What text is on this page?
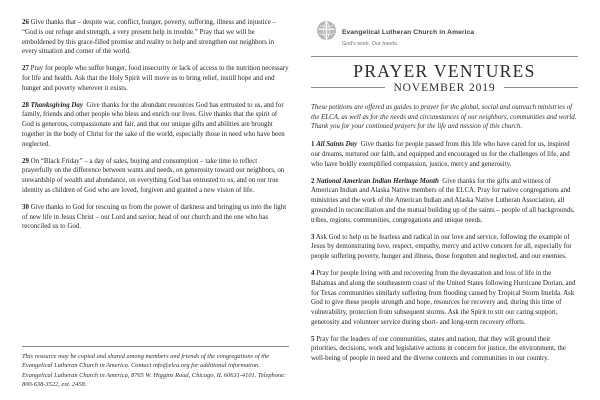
26 Give thanks that – despite war, conflict, hunger, poverty, suffering, illness and injustice – “God is our refuge and strength, a very present help in trouble.” Pray that we will be emboldened by this grace-filled promise and reality to help and strengthen our neighbors in every situation and corner of the world.

27 Pray for people who suffer hunger, food insecurity or lack of access to the nutrition necessary for life and health. Ask that the Holy Spirit will move us to bring relief, instill hope and end hunger and poverty wherever it exists.

28 Thanksgiving Day  Give thanks for the abundant resources God has entrusted to us, and for family, friends and other people who bless and enrich our lives. Give thanks that the spirit of God is generous, compassionate and fair, and that our unique gifts and abilities are brought together in the body of Christ for the sake of the world, especially those in need who have been neglected.

29 On “Black Friday” – a day of sales, buying and consumption – take time to reflect prayerfully on the difference between wants and needs, on generosity toward our neighbors, on stewardship of wealth and abundance, on everything God has entrusted to us, and on our true identity as children of God who are loved, forgiven and granted a new vision of life.

30 Give thanks to God for rescuing us from the power of darkness and bringing us into the light of new life in Jesus Christ – our Lord and savior, head of our church and the one who has reconciled us to God.

This resource may be copied and shared among members and friends of the congregations of the Evangelical Lutheran Church in America. Contact info@elca.org for additional information. Evangelical Lutheran Church in America, 8765 W. Higgins Road, Chicago, IL 60631-4101. Telephone: 800-638-3522, ext. 2458.

Evangelical Lutheran Church in America
God's work. Our hands.
PRAYER VENTURES
NOVEMBER 2019

These petitions are offered as guides to prayer for the global, social and outreach ministries of the ELCA, as well as for the needs and circumstances of our neighbors, communities and world. Thank you for your continued prayers for the life and mission of this church.

1 All Saints Day  Give thanks for people passed from this life who have cared for us, inspired our dreams, nurtured our faith, and equipped and encouraged us for the challenges of life, and who have boldly exemplified compassion, justice, mercy and generosity.

2 National American Indian Heritage Month  Give thanks for the gifts and witness of American Indian and Alaska Native members of the ELCA. Pray for native congregations and ministries and the work of the American Indian and Alaska Native Lutheran Association, all grounded in reconciliation and the mutual building up of the saints – people of all backgrounds, tribes, regions, communities, congregations and unique needs.

3 Ask God to help us be fearless and radical in our love and service, following the example of Jesus by demonstrating love, respect, empathy, mercy and active concern for all, especially for people suffering poverty, hunger and illness, those forgotten and neglected, and our enemies.

4 Pray for people living with and recovering from the devastation and loss of life in the Bahamas and along the southeastern coast of the United States following Hurricane Dorian, and for Texas communities similarly suffering from flooding caused by Tropical Storm Imelda. Ask God to give these people strength and hope, resources for recovery and, during this time of vulnerability, protection from subsequent storms. Ask the Spirit to stir our caring support, generosity and volunteer service during short- and long-term recovery efforts.

5 Pray for the leaders of our communities, states and nation, that they will ground their priorities, decisions, work and legislative actions in concern for justice, the environment, the well-being of people in need and the diverse contexts and communities in our country.
